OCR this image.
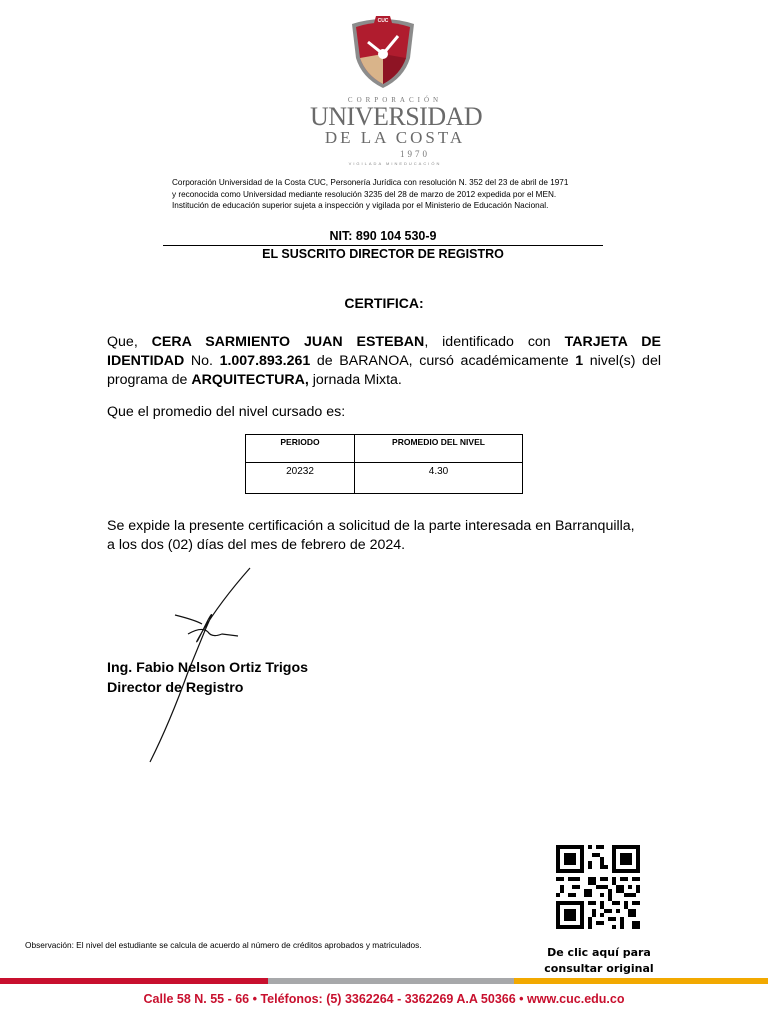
CUC
CORPORACIÓN
UNIVERSIDAD
DE LA COSTA
1970
VIGILADA MINEDUCACIÓN
Corporación Universidad de la Costa CUC, Personería Jurídica con resolución N. 352 del 23 de abril de 1971
y reconocida como Universidad mediante resolución 3235 del 28 de marzo de 2012 expedida por el MEN.
Institución de educación superior sujeta a inspección y vigilada por el Ministerio de Educación Nacional.
NIT: 890 104 530-9
EL SUSCRITO DIRECTOR DE REGISTRO
CERTIFICA:
Que, CERA SARMIENTO JUAN ESTEBAN, identificado con TARJETA DE IDENTIDAD No. 1.007.893.261 de BARANOA, cursó académicamente 1 nivel(s) del programa de ARQUITECTURA, jornada Mixta.
Que el promedio del nivel cursado es:
PERIODO	PROMEDIO DEL NIVEL
20232	4.30
Se expide la presente certificación a solicitud de la parte interesada en Barranquilla,
a los dos (02) días del mes de febrero de 2024.
Ing. Fabio Nelson Ortiz Trigos
Director de Registro
De clic aquí para
consultar original
Observación: El nivel del estudiante se calcula de acuerdo al número de créditos aprobados y matriculados.
Calle 58 N. 55 - 66 • Teléfonos: (5) 3362264 - 3362269 A.A 50366 • www.cuc.edu.co
